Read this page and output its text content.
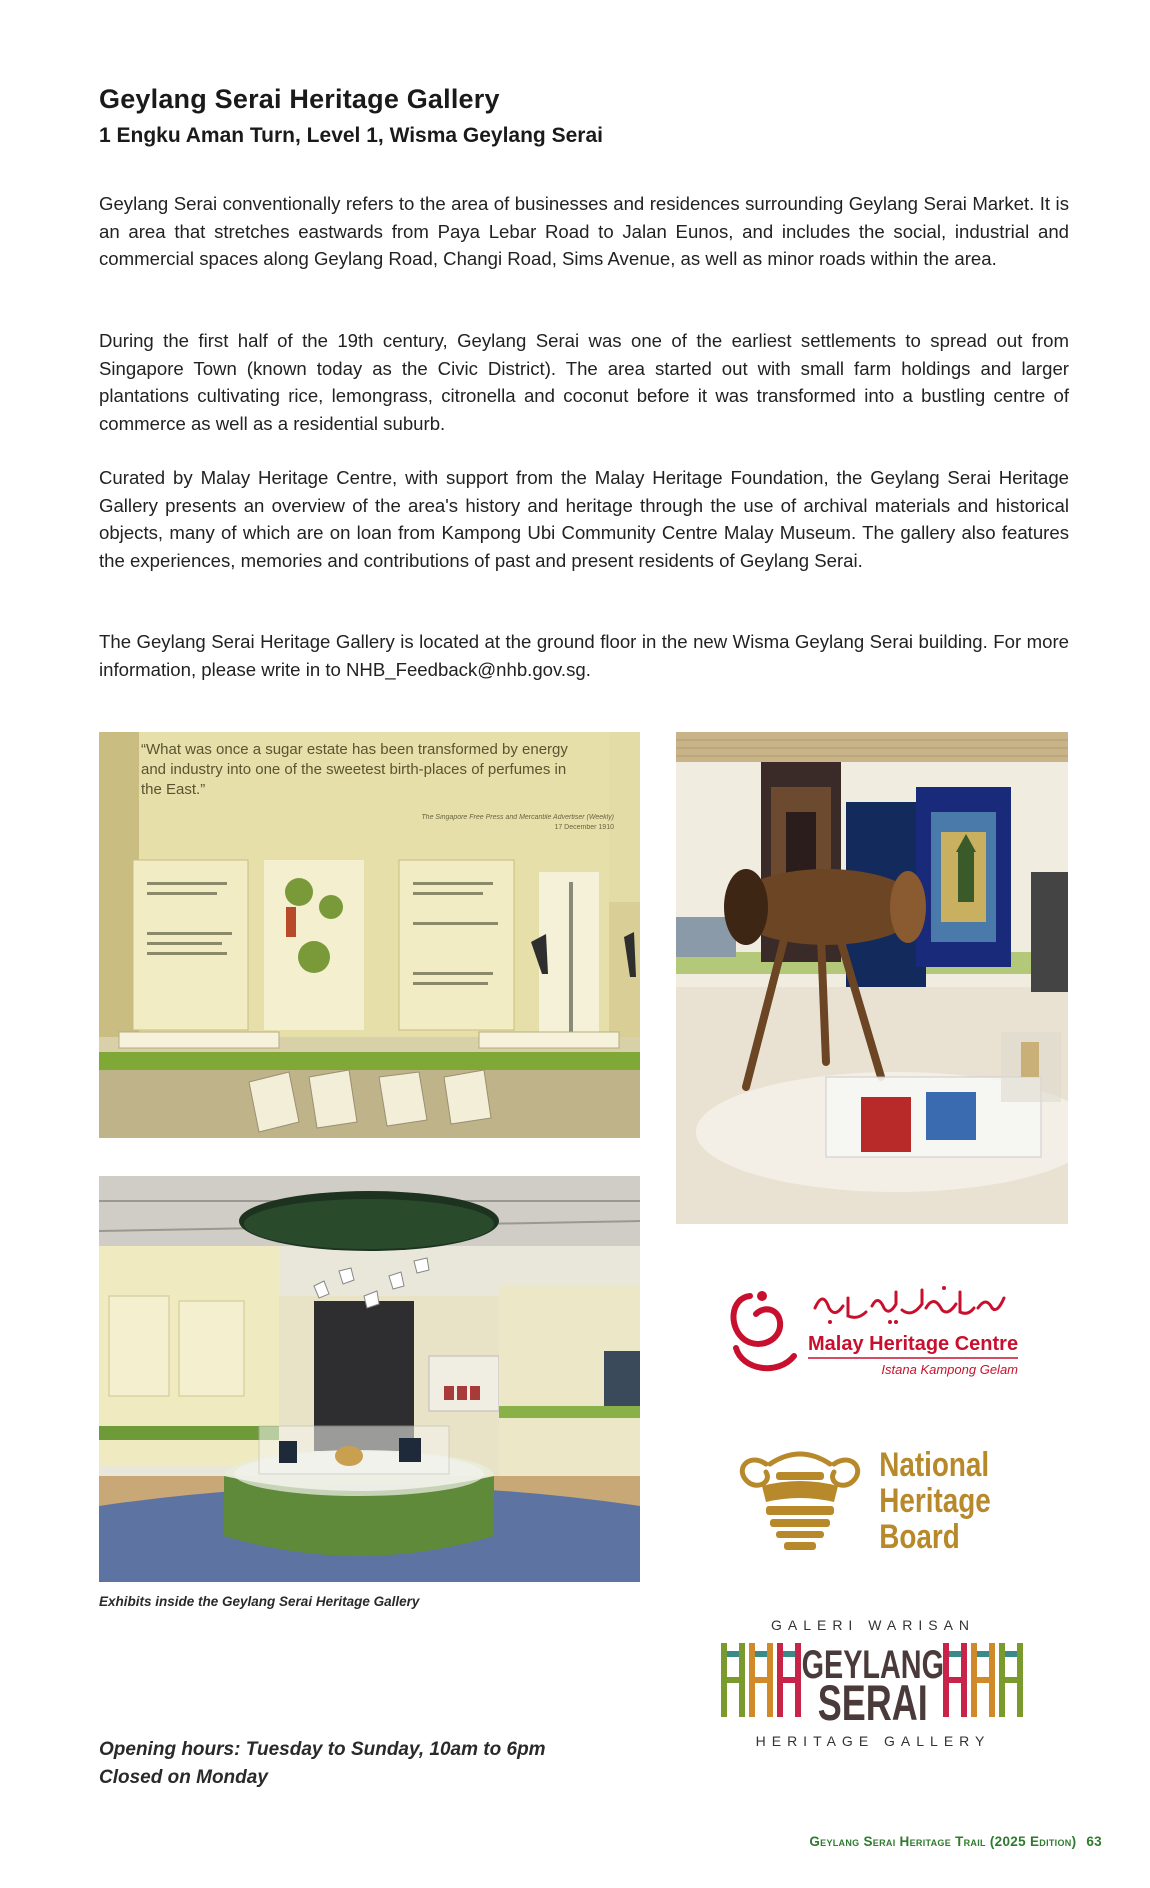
Geylang Serai Heritage Gallery
1 Engku Aman Turn, Level 1, Wisma Geylang Serai

Geylang Serai conventionally refers to the area of businesses and residences surrounding Geylang Serai Market. It is an area that stretches eastwards from Paya Lebar Road to Jalan Eunos, and includes the social, industrial and commercial spaces along Geylang Road, Changi Road, Sims Avenue, as well as minor roads within the area.

During the first half of the 19th century, Geylang Serai was one of the earliest settlements to spread out from Singapore Town (known today as the Civic District). The area started out with small farm holdings and larger plantations cultivating rice, lemongrass, citronella and coconut before it was transformed into a bustling centre of commerce as well as a residential suburb.

Curated by Malay Heritage Centre, with support from the Malay Heritage Foundation, the Geylang Serai Heritage Gallery presents an overview of the area's history and heritage through the use of archival materials and historical objects, many of which are on loan from Kampong Ubi Community Centre Malay Museum. The gallery also features the experiences, memories and contributions of past and present residents of Geylang Serai.

The Geylang Serai Heritage Gallery is located at the ground floor in the new Wisma Geylang Serai building. For more information, please write in to NHB_Feedback@nhb.gov.sg.

“What was once a sugar estate has been transformed by energy and industry into one of the sweetest birth-places of perfumes in the East.”
The Singapore Free Press and Mercantile Advertiser (Weekly)
17 December 1910
Exhibits inside the Geylang Serai Heritage Gallery
Opening hours: Tuesday to Sunday, 10am to 6pm
Closed on Monday
Malay Heritage Centre
Istana Kampong Gelam
National
Heritage
Board
GALERI WARISAN
GEYLANG
SERAI
HERITAGE GALLERY
Geylang Serai Heritage Trail (2025 Edition) 63
